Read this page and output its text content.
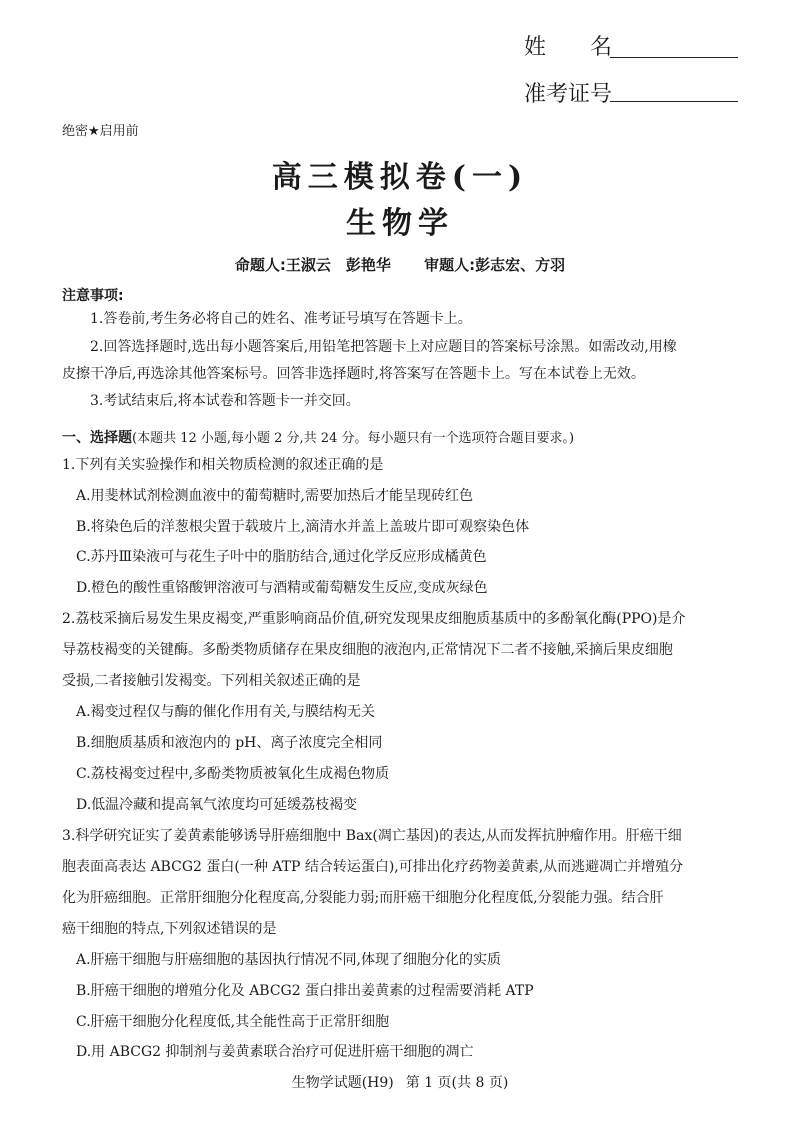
姓　　名
准考证号
绝密★启用前
高三模拟卷(一)
生物学
命题人:王淑云　彭艳华 审题人:彭志宏、方羽
注意事项:
1.答卷前,考生务必将自己的姓名、准考证号填写在答题卡上。
2.回答选择题时,选出每小题答案后,用铅笔把答题卡上对应题目的答案标号涂黑。如需改动,用橡
皮擦干净后,再选涂其他答案标号。回答非选择题时,将答案写在答题卡上。写在本试卷上无效。
3.考试结束后,将本试卷和答题卡一并交回。
一、选择题(本题共 12 小题,每小题 2 分,共 24 分。每小题只有一个选项符合题目要求。)
1.下列有关实验操作和相关物质检测的叙述正确的是
A.用斐林试剂检测血液中的葡萄糖时,需要加热后才能呈现砖红色
B.将染色后的洋葱根尖置于载玻片上,滴清水并盖上盖玻片即可观察染色体
C.苏丹Ⅲ染液可与花生子叶中的脂肪结合,通过化学反应形成橘黄色
D.橙色的酸性重铬酸钾溶液可与酒精或葡萄糖发生反应,变成灰绿色
2.荔枝采摘后易发生果皮褐变,严重影响商品价值,研究发现果皮细胞质基质中的多酚氧化酶(PPO)是介
导荔枝褐变的关键酶。多酚类物质储存在果皮细胞的液泡内,正常情况下二者不接触,采摘后果皮细胞
受损,二者接触引发褐变。下列相关叙述正确的是
A.褐变过程仅与酶的催化作用有关,与膜结构无关
B.细胞质基质和液泡内的 pH、离子浓度完全相同
C.荔枝褐变过程中,多酚类物质被氧化生成褐色物质
D.低温冷藏和提高氧气浓度均可延缓荔枝褐变
3.科学研究证实了姜黄素能够诱导肝癌细胞中 Bax(凋亡基因)的表达,从而发挥抗肿瘤作用。肝癌干细
胞表面高表达 ABCG2 蛋白(一种 ATP 结合转运蛋白),可排出化疗药物姜黄素,从而逃避凋亡并增殖分
化为肝癌细胞。正常肝细胞分化程度高,分裂能力弱;而肝癌干细胞分化程度低,分裂能力强。结合肝
癌干细胞的特点,下列叙述错误的是
A.肝癌干细胞与肝癌细胞的基因执行情况不同,体现了细胞分化的实质
B.肝癌干细胞的增殖分化及 ABCG2 蛋白排出姜黄素的过程需要消耗 ATP
C.肝癌干细胞分化程度低,其全能性高于正常肝细胞
D.用 ABCG2 抑制剂与姜黄素联合治疗可促进肝癌干细胞的凋亡
生物学试题(H9) 第 1 页(共 8 页)
